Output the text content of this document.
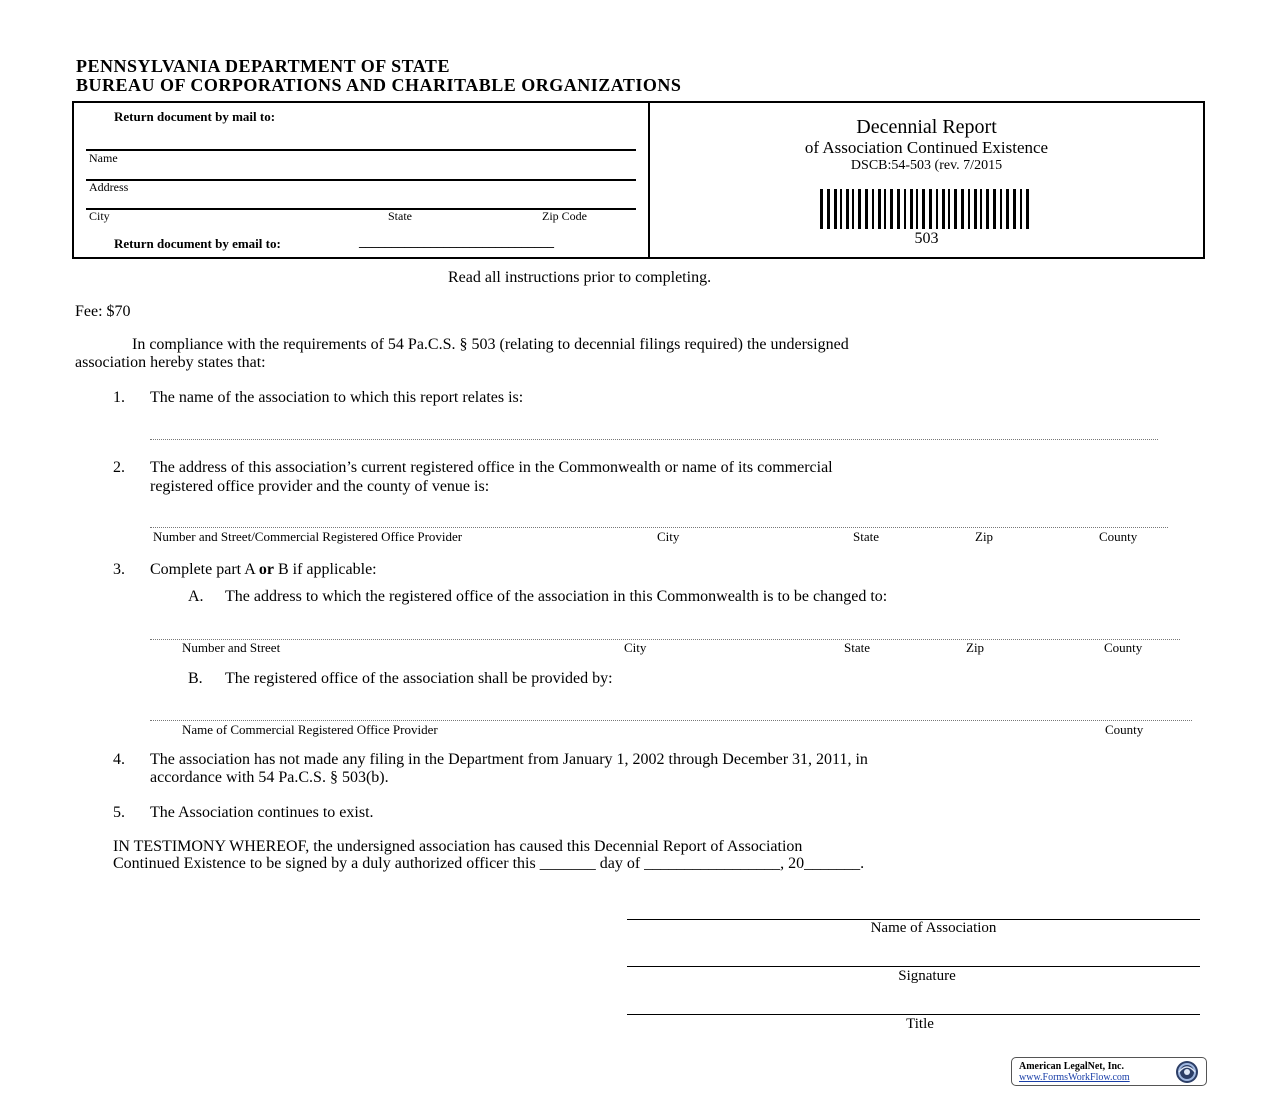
PENNSYLVANIA DEPARTMENT OF STATE
BUREAU OF CORPORATIONS AND CHARITABLE ORGANIZATIONS
Return document by mail to:
Name
Address
City	State	Zip Code
Return document by email to:	______________________________
Decennial Report
of Association Continued Existence
DSCB:54-503 (rev. 7/2015
503
Read all instructions prior to completing.
Fee: $70
In compliance with the requirements of 54 Pa.C.S. § 503 (relating to decennial filings required) the undersigned
association hereby states that:
1. The name of the association to which this report relates is:
2. The address of this association’s current registered office in the Commonwealth or name of its commercial
registered office provider and the county of venue is:
Number and Street/Commercial Registered Office Provider	City	State	Zip	County
3. Complete part A or B if applicable:
A. The address to which the registered office of the association in this Commonwealth is to be changed to:
Number and Street	City	State	Zip	County
B. The registered office of the association shall be provided by:
Name of Commercial Registered Office Provider	County
4. The association has not made any filing in the Department from January 1, 2002 through December 31, 2011, in
accordance with 54 Pa.C.S. § 503(b).
5. The Association continues to exist.
IN TESTIMONY WHEREOF, the undersigned association has caused this Decennial Report of Association
Continued Existence to be signed by a duly authorized officer this _______ day of _________________, 20_______.
Name of Association
Signature
Title
American LegalNet, Inc.
www.FormsWorkFlow.com
